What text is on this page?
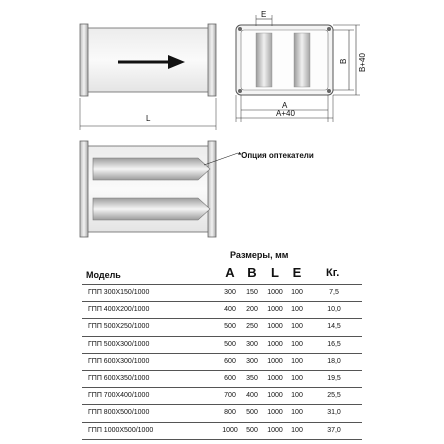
L
E
A
A+40
B B+40
*Опция оптекатели
Размеры, мм
Модель	A B	L	E	Кг.
ГПП 300X150/1000	300	150	1000	100	7,5
ГПП 400X200/1000	400	200	1000	100	10,0
ГПП 500X250/1000	500	250	1000	100	14,5
ГПП 500X300/1000	500	300	1000	100	16,5
ГПП 600X300/1000	600	300	1000	100	18,0
ГПП 600X350/1000	600	350	1000	100	19,5
ГПП 700X400/1000	700	400	1000	100	25,5
ГПП 800X500/1000	800	500	1000	100	31,0
ГПП 1000X500/1000	1000	500	1000	100	37,0
